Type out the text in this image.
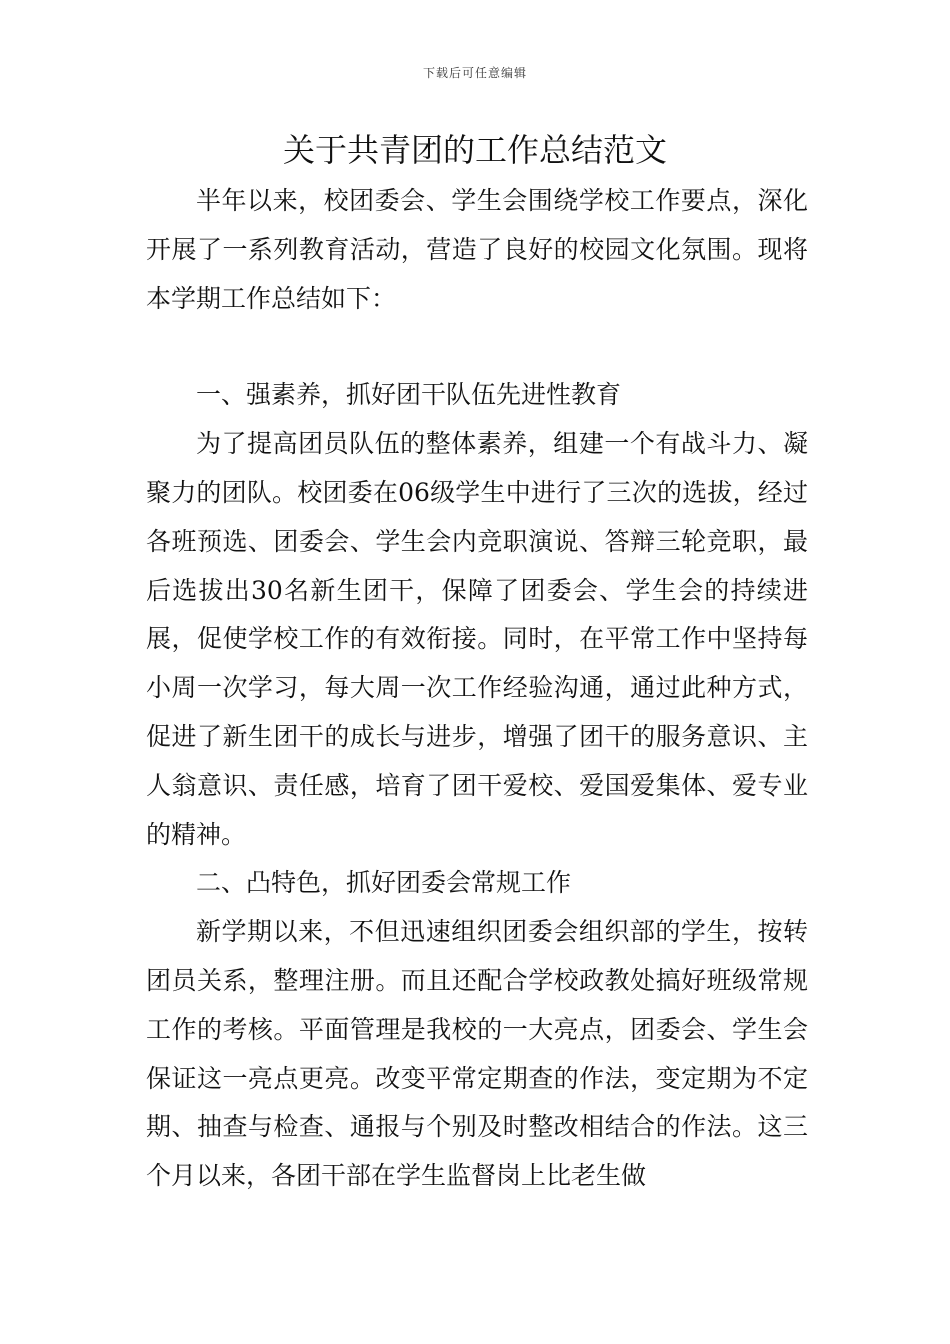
下载后可任意编辑
关于共青团的工作总结范文

半年以来，校团委会、学生会围绕学校工作要点，深化开展了一系列教育活动，营造了良好的校园文化氛围。现将本学期工作总结如下：

一、强素养，抓好团干队伍先进性教育

为了提高团员队伍的整体素养，组建一个有战斗力、凝聚力的团队。校团委在06级学生中进行了三次的选拔，经过各班预选、团委会、学生会内竞职演说、答辩三轮竞职，最后选拔出30名新生团干，保障了团委会、学生会的持续进展，促使学校工作的有效衔接。同时，在平常工作中坚持每小周一次学习，每大周一次工作经验沟通，通过此种方式，促进了新生团干的成长与进步，增强了团干的服务意识、主人翁意识、责任感，培育了团干爱校、爱国爱集体、爱专业的精神。

二、凸特色，抓好团委会常规工作

新学期以来，不但迅速组织团委会组织部的学生，按转团员关系，整理注册。而且还配合学校政教处搞好班级常规工作的考核。平面管理是我校的一大亮点，团委会、学生会保证这一亮点更亮。改变平常定期查的作法，变定期为不定期、抽查与检查、通报与个别及时整改相结合的作法。这三个月以来，各团干部在学生监督岗上比老生做
